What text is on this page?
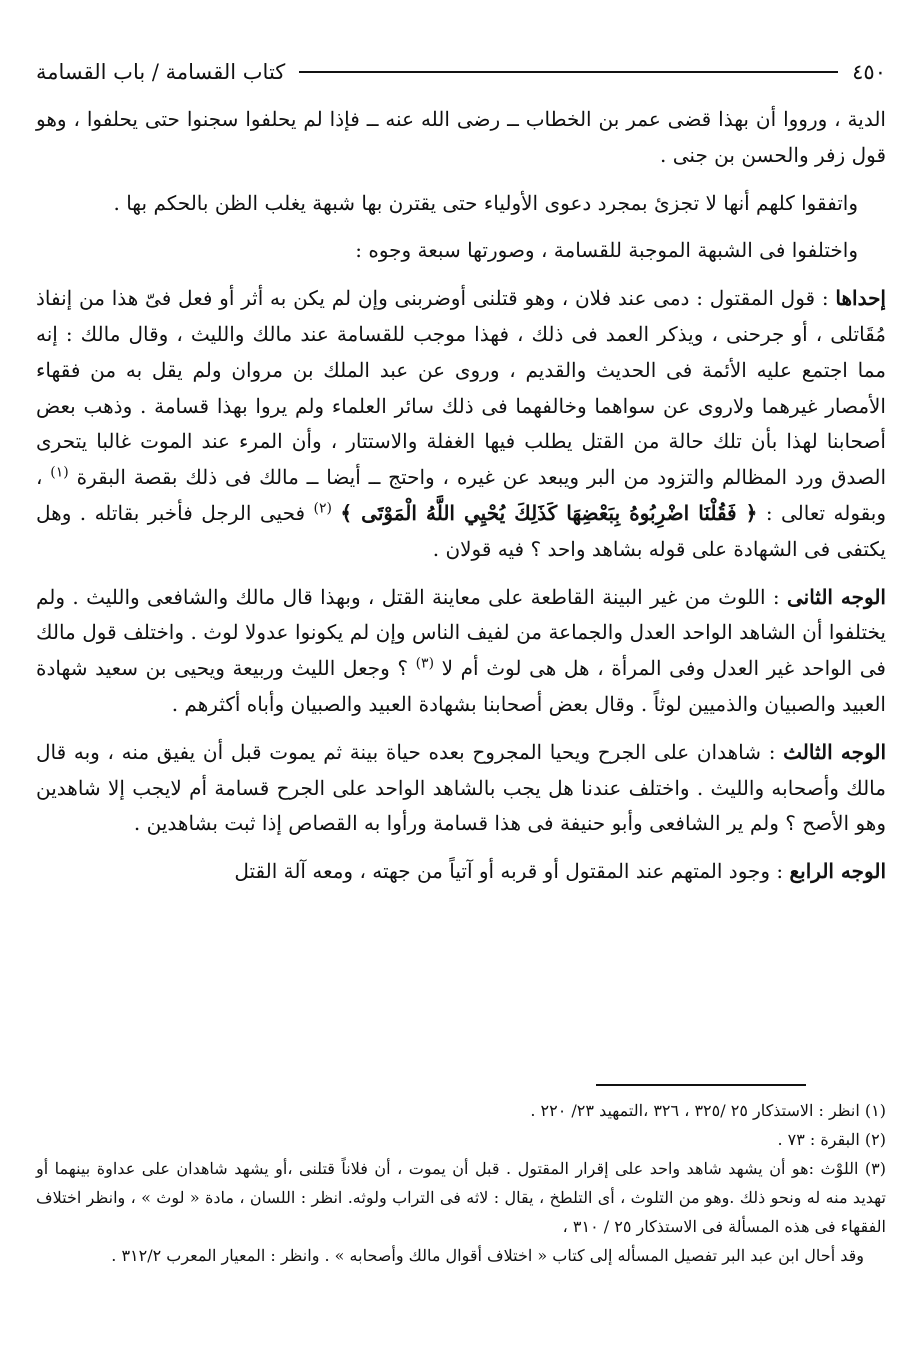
٤٥٠
كتاب القسامة / باب القسامة

الدية ، ورووا أن بهذا قضى عمر بن الخطاب ــ رضى الله عنه ــ فإذا لم يحلفوا سجنوا حتى يحلفوا ، وهو قول زفر والحسن بن جنى .

واتفقوا كلهم أنها لا تجزئ بمجرد دعوى الأولياء حتى يقترن بها شبهة يغلب الظن بالحكم بها .

واختلفوا فى الشبهة الموجبة للقسامة ، وصورتها سبعة وجوه :

إحداها : قول المقتول : دمى عند فلان ، وهو قتلنى أوضربنى وإن لم يكن به أثر أو فعل فىّ هذا من إنفاذ مُقَاتلى ، أو جرحنى ، ويذكر العمد فى ذلك ، فهذا موجب للقسامة عند مالك والليث ، وقال مالك : إنه مما اجتمع عليه الأئمة فى الحديث والقديم ، وروى عن عبد الملك بن مروان ولم يقل به من فقهاء الأمصار غيرهما ولاروى عن سواهما وخالفهما فى ذلك سائر العلماء ولم يروا بهذا قسامة . وذهب بعض أصحابنا لهذا بأن تلك حالة من القتل يطلب فيها الغفلة والاستتار ، وأن المرء عند الموت غالبا يتحرى الصدق ورد المظالم والتزود من البر ويبعد عن غيره ، واحتج ــ أيضا ــ مالك فى ذلك بقصة البقرة $^{(١)}$ ، وبقوله تعالى : ﴿ فَقُلْنَا اضْرِبُوهُ بِبَعْضِهَا كَذَلِكَ يُحْيِي اللَّهُ الْمَوْتَى ﴾ $^{(٢)}$ فحيى الرجل فأخبر بقاتله . وهل يكتفى فى الشهادة على قوله بشاهد واحد ؟ فيه قولان .

الوجه الثانى : اللوث من غير البينة القاطعة على معاينة القتل ، وبهذا قال مالك والشافعى والليث . ولم يختلفوا أن الشاهد الواحد العدل والجماعة من لفيف الناس وإن لم يكونوا عدولا لوث . واختلف قول مالك فى الواحد غير العدل وفى المرأة ، هل هى لوث أم لا $^{(٣)}$ ؟ وجعل الليث وربيعة ويحيى بن سعيد شهادة العبيد والصبيان والذميين لوثاً . وقال بعض أصحابنا بشهادة العبيد والصبيان وأباه أكثرهم .

الوجه الثالث : شاهدان على الجرح ويحيا المجروح بعده حياة بينة ثم يموت قبل أن يفيق منه ، وبه قال مالك وأصحابه والليث . واختلف عندنا هل يجب بالشاهد الواحد على الجرح قسامة أم لايجب إلا شاهدين وهو الأصح ؟ ولم ير الشافعى وأبو حنيفة فى هذا قسامة ورأوا به القصاص إذا ثبت بشاهدين .

الوجه الرابع : وجود المتهم عند المقتول أو قربه أو آتياً من جهته ، ومعه آلة القتل

(١) انظر : الاستذكار ٢٥ /٣٢٥ ، ٣٢٦ ،التمهيد ٢٣/ ٢٢٠ .

(٢) البقرة : ٧٣ .

(٣) اللوْث :هو أن يشهد شاهد واحد على إقرار المقتول . قبل أن يموت ، أن فلاناً قتلنى ،أو يشهد شاهدان على عداوة بينهما أو تهديد منه له ونحو ذلك .وهو من التلوث ، أى التلطخ ، يقال : لاثه فى التراب ولوثه. انظر : اللسان ، مادة « لوث » ، وانظر اختلاف الفقهاء فى هذه المسألة فى الاستذكار ٢٥ / ٣١٠ ،

وقد أحال ابن عبد البر تفصيل المسأله إلى كتاب « اختلاف أقوال مالك وأصحابه » . وانظر : المعيار المعرب ٣١٢/٢ .
